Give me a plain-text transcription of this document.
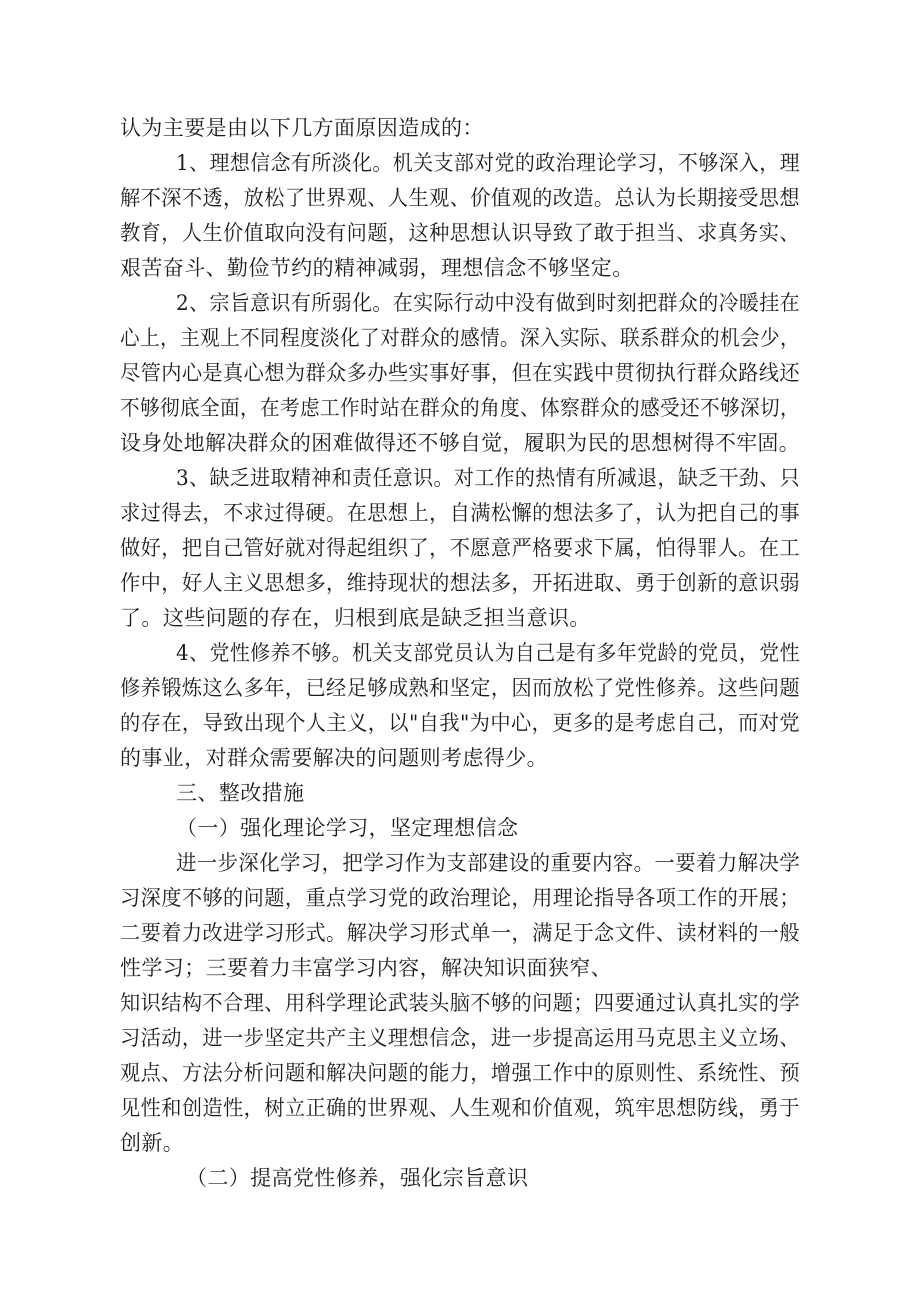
认为主要是由以下几方面原因造成的：
1、理想信念有所淡化。机关支部对党的政治理论学习，不够深入，理
解不深不透，放松了世界观、人生观、价值观的改造。总认为长期接受思想
教育，人生价值取向没有问题，这种思想认识导致了敢于担当、求真务实、
艰苦奋斗、勤俭节约的精神减弱，理想信念不够坚定。
2、宗旨意识有所弱化。在实际行动中没有做到时刻把群众的冷暖挂在
心上，主观上不同程度淡化了对群众的感情。深入实际、联系群众的机会少，
尽管内心是真心想为群众多办些实事好事，但在实践中贯彻执行群众路线还
不够彻底全面，在考虑工作时站在群众的角度、体察群众的感受还不够深切，
设身处地解决群众的困难做得还不够自觉，履职为民的思想树得不牢固。
3、缺乏进取精神和责任意识。对工作的热情有所减退，缺乏干劲、只
求过得去，不求过得硬。在思想上，自满松懈的想法多了，认为把自己的事
做好，把自己管好就对得起组织了，不愿意严格要求下属，怕得罪人。在工
作中，好人主义思想多，维持现状的想法多，开拓进取、勇于创新的意识弱
了。这些问题的存在，归根到底是缺乏担当意识。
4、党性修养不够。机关支部党员认为自己是有多年党龄的党员，党性
修养锻炼这么多年，已经足够成熟和坚定，因而放松了党性修养。这些问题
的存在，导致出现个人主义，以"自我"为中心，更多的是考虑自己，而对党
的事业，对群众需要解决的问题则考虑得少。
三、整改措施
（一）强化理论学习，坚定理想信念
进一步深化学习，把学习作为支部建设的重要内容。一要着力解决学
习深度不够的问题，重点学习党的政治理论，用理论指导各项工作的开展；
二要着力改进学习形式。解决学习形式单一，满足于念文件、读材料的一般
性学习；三要着力丰富学习内容，解决知识面狭窄、
知识结构不合理、用科学理论武装头脑不够的问题；四要通过认真扎实的学
习活动，进一步坚定共产主义理想信念，进一步提高运用马克思主义立场、
观点、方法分析问题和解决问题的能力，增强工作中的原则性、系统性、预
见性和创造性，树立正确的世界观、人生观和价值观，筑牢思想防线，勇于
创新。
（二）提高党性修养，强化宗旨意识
